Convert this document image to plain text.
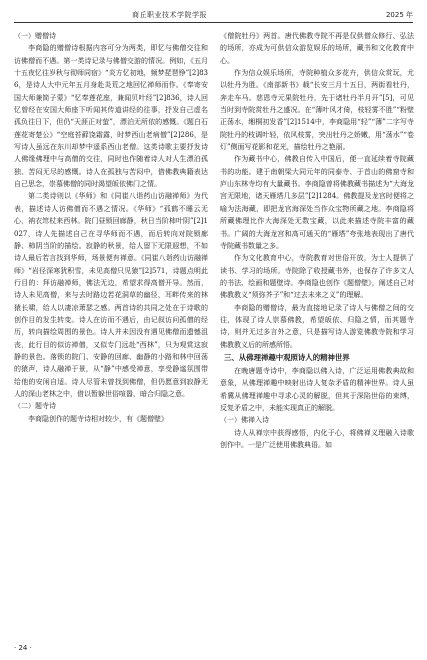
商丘职业技术学院学报	2025 年
（一）赠僧诗

李商隐的赠僧诗根据内容可分为两类，即忆与佛僧交往和访佛僧而不遇。第一类诗记录与佛僧交游的情况。例如，《五月十五夜忆往岁秋与彻师同宿》“炎方忆初地，频梦琵琶铮”[2]836，是诗人大中元年五月身赴炎荒之地回忆禅师而作。《奉寄安国大师兼简子蒙》“忆奉莲花座，兼闻贝叶经”[2]836，诗人回忆曾经在安国大师座下听闻其传道讲经的往事，抒发自己虚名孤负往日下，但仍“天涯正对萤”，漂泊无所依的感慨。《题白石莲花寄楚公》“空庭苔藓饶霜露，时梦西山老病僧”[2]286，是写诗人虽远在东川却梦中遥系西山老僧。这类诗歌主要抒发诗人佛缘佛理中与高僧的交往，同时也作随着诗人对人生漂泊孤独、苦闷无尽的感慨。诗人在孤独与苦闷中，借佛教典籍表达自己思念，崇慕佛僧的同时渴望皈依佛门之情。

第二类诗则以《华师》和《同崔八诣药山访融禅师》为代表，描述诗人访佛僧而不遇之情况。《华师》“孤鹤不睡云无心，衲衣筇杖来西林。院门昼锁回廊静，秋日当阶柿叶阴”[2]1027，诗人先描述自己在寻华师而不遇，而后转向对院锁廊静、柿阴当阶的描绘。寂静的秋景，给人留下无限遐想，不如诗人最后若言找到华师，场景便有禅意。《同崔八诣药山访融禅师》“岩径深寒犹积雪，未见高僧只见猿”[2]571，诗题点明此行目的：拜访融禅师，佛法无边，希望求得高僧开导。然而，诗人未见高僧，来与去时路边若花洞草的幽径，耳畔传来的林猿长啸，给人以凄凉萧瑟之感。两首诗的共同之处在于诗歌的创作目的发生转变。诗人在访而不遇后，由记叙访问孤僧的经历，转向描绘周围的景色。诗人并未因没有遇见佛僧而遗憾沮丧，此行目的似访禅僧，又似专门远赴“西林”，只为观赏这寂静的景色。落锁的院门、安静的回廊、幽静的小路和林中回荡的猿声，诗人融禅于景，从“静”中感受禅意，享受静谧氛围带给他的安闲自适。诗人尽管未曾找到佛僧，但仍愿意到寂静无人的深山老林之中，借以暂躲世俗喧嚣，暗合归隐之意。

（二）题寺诗

李商隐创作的题寺诗相对较少，有《题僧壁》

《僧院牡丹》两首。唐代佛教寺院不再是仅供僧众修行、弘法的场所，亦成为可供信众游览娱乐的场所，藏书和文化教育中心。

作为信众娱乐场所，寺院种植众多花卉，供信众赏玩，尤以牡丹为胜。《南部新书》载“长安三月十五日，两街看牡丹，奔走车马。慈恩寺元果院牡丹，先于诸牡丹半月开”[5]，可见当时到寺院赏牡丹之盛况。在“薄叶风才倚，枝轻雾不胜”“粉壁正荡水，缃桐初发香”[2]1514中，李商隐用“轻”“薄”二字写寺院牡丹的枝调叶轻，依风枝雾，突出牡丹之娇嫩，用“荡水”“卷灯”侧面写花影和花光，描绘牡丹之艳丽。

作为藏书中心，佛教自传入中国后，便一直延续着寺院藏书的功能。建于南朝梁大同元年的同泰寺、于首山的佛窟寺和庐山东林寺均有大量藏书。李商隐曾将佛教藏书描述为“大海龙宫无限地，诸天雁塔几多层”[2]1284。佛教提及龙宫时便将之喻为法海藏，即把龙宫海深处当作众宝物所藏之地。李商隐将所藏佛理比作大海深处无数宝藏，以此来描述寺院丰富的藏书。广阔的大海龙宫和高可通天的“雁塔”夸张地表现出了唐代寺院藏书数量之多。

作为文化教育中心，寺院教育对世俗开放，为士人提供了读书、学习的场所。寺院除了收授藏书外，也保存了许多文人的书法、绘画和题壁诗。李商隐也创作《题僧壁》，阐述自己对佛教教义“须弥芥子”和“过去未来之义”的理解。

李商隐的赠僧诗，最为直接地记录了诗人与佛僧之间的交往，体现了诗人崇慕佛教，希望皈依、归隐之情，而其题寺诗，则并无过多言外之意，只是描写诗人游览佛教寺院和学习佛教教义后的所感所悟。

三、从佛理禅趣中观照诗人的精神世界

在晚唐题寺诗中，李商隐以佛入诗，广泛运用佛教典故和意象，从佛理禅趣中映射出诗人复杂矛盾的精神世界。诗人虽希冀从佛理禅趣中寻求心灵的解脱，但其于深陷世俗的束缚，反复矛盾之中，未能实现真正的解脱。

（一）佛禅入诗

诗人从禅宗中获得感悟，内化于心，将佛禅义理融入诗歌创作中。一是广泛使用佛教典语。如

· 24 ·
